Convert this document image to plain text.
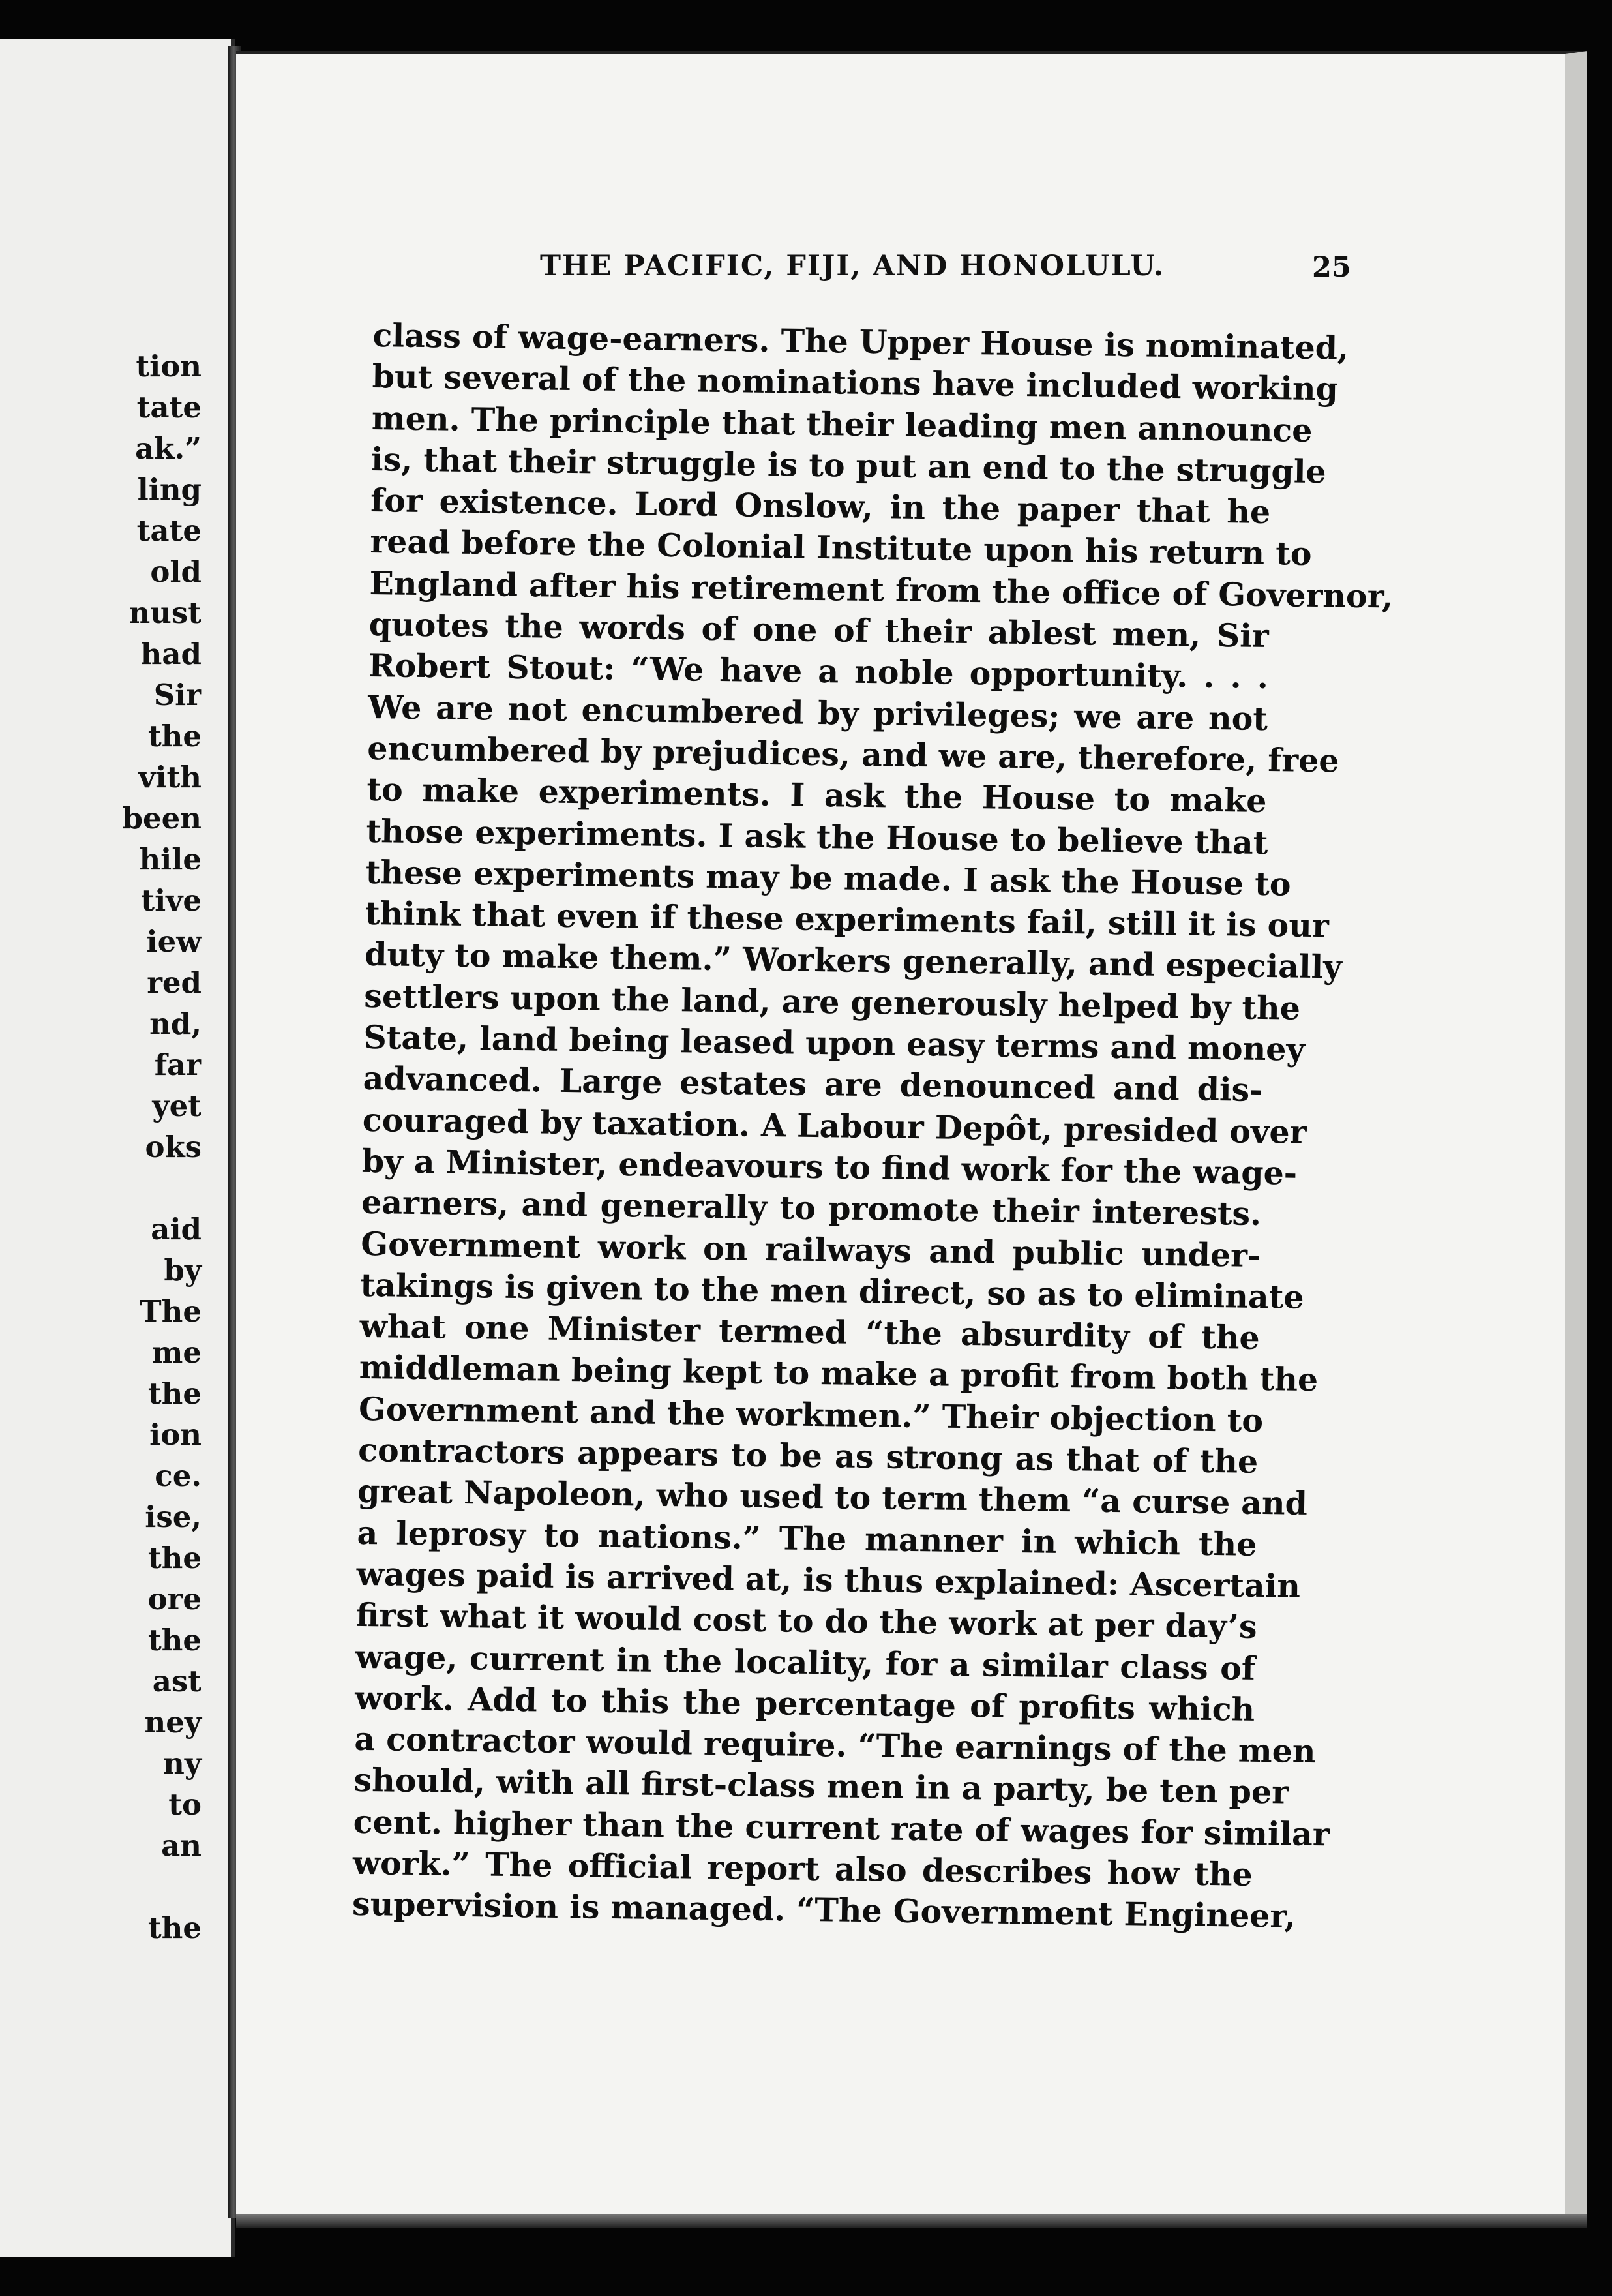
tion
tate
ak.”
ling
tate
old
nust
had
Sir
the
vith
been
hile
tive
iew
red
nd,
far
yet
oks
aid
by
The
me
the
ion
ce.
ise,
the
ore
the
ast
ney
ny
to
an
the
THE PACIFIC, FIJI, AND HONOLULU.	25
class of wage-earners. The Upper House is nominated,
but several of the nominations have included working
men. The principle that their leading men announce
is, that their struggle is to put an end to the struggle
for existence. Lord Onslow, in the paper that he
read before the Colonial Institute upon his return to
England after his retirement from the office of Governor,
quotes the words of one of their ablest men, Sir
Robert Stout: “We have a noble opportunity. . . .
We are not encumbered by privileges; we are not
encumbered by prejudices, and we are, therefore, free
to make experiments. I ask the House to make
those experiments. I ask the House to believe that
these experiments may be made. I ask the House to
think that even if these experiments fail, still it is our
duty to make them.” Workers generally, and especially
settlers upon the land, are generously helped by the
State, land being leased upon easy terms and money
advanced. Large estates are denounced and dis-
couraged by taxation. A Labour Depôt, presided over
by a Minister, endeavours to find work for the wage-
earners, and generally to promote their interests.
Government work on railways and public under-
takings is given to the men direct, so as to eliminate
what one Minister termed “the absurdity of the
middleman being kept to make a profit from both the
Government and the workmen.” Their objection to
contractors appears to be as strong as that of the
great Napoleon, who used to term them “a curse and
a leprosy to nations.” The manner in which the
wages paid is arrived at, is thus explained: Ascertain
first what it would cost to do the work at per day’s
wage, current in the locality, for a similar class of
work. Add to this the percentage of profits which
a contractor would require. “The earnings of the men
should, with all first-class men in a party, be ten per
cent. higher than the current rate of wages for similar
work.” The official report also describes how the
supervision is managed. “The Government Engineer,
